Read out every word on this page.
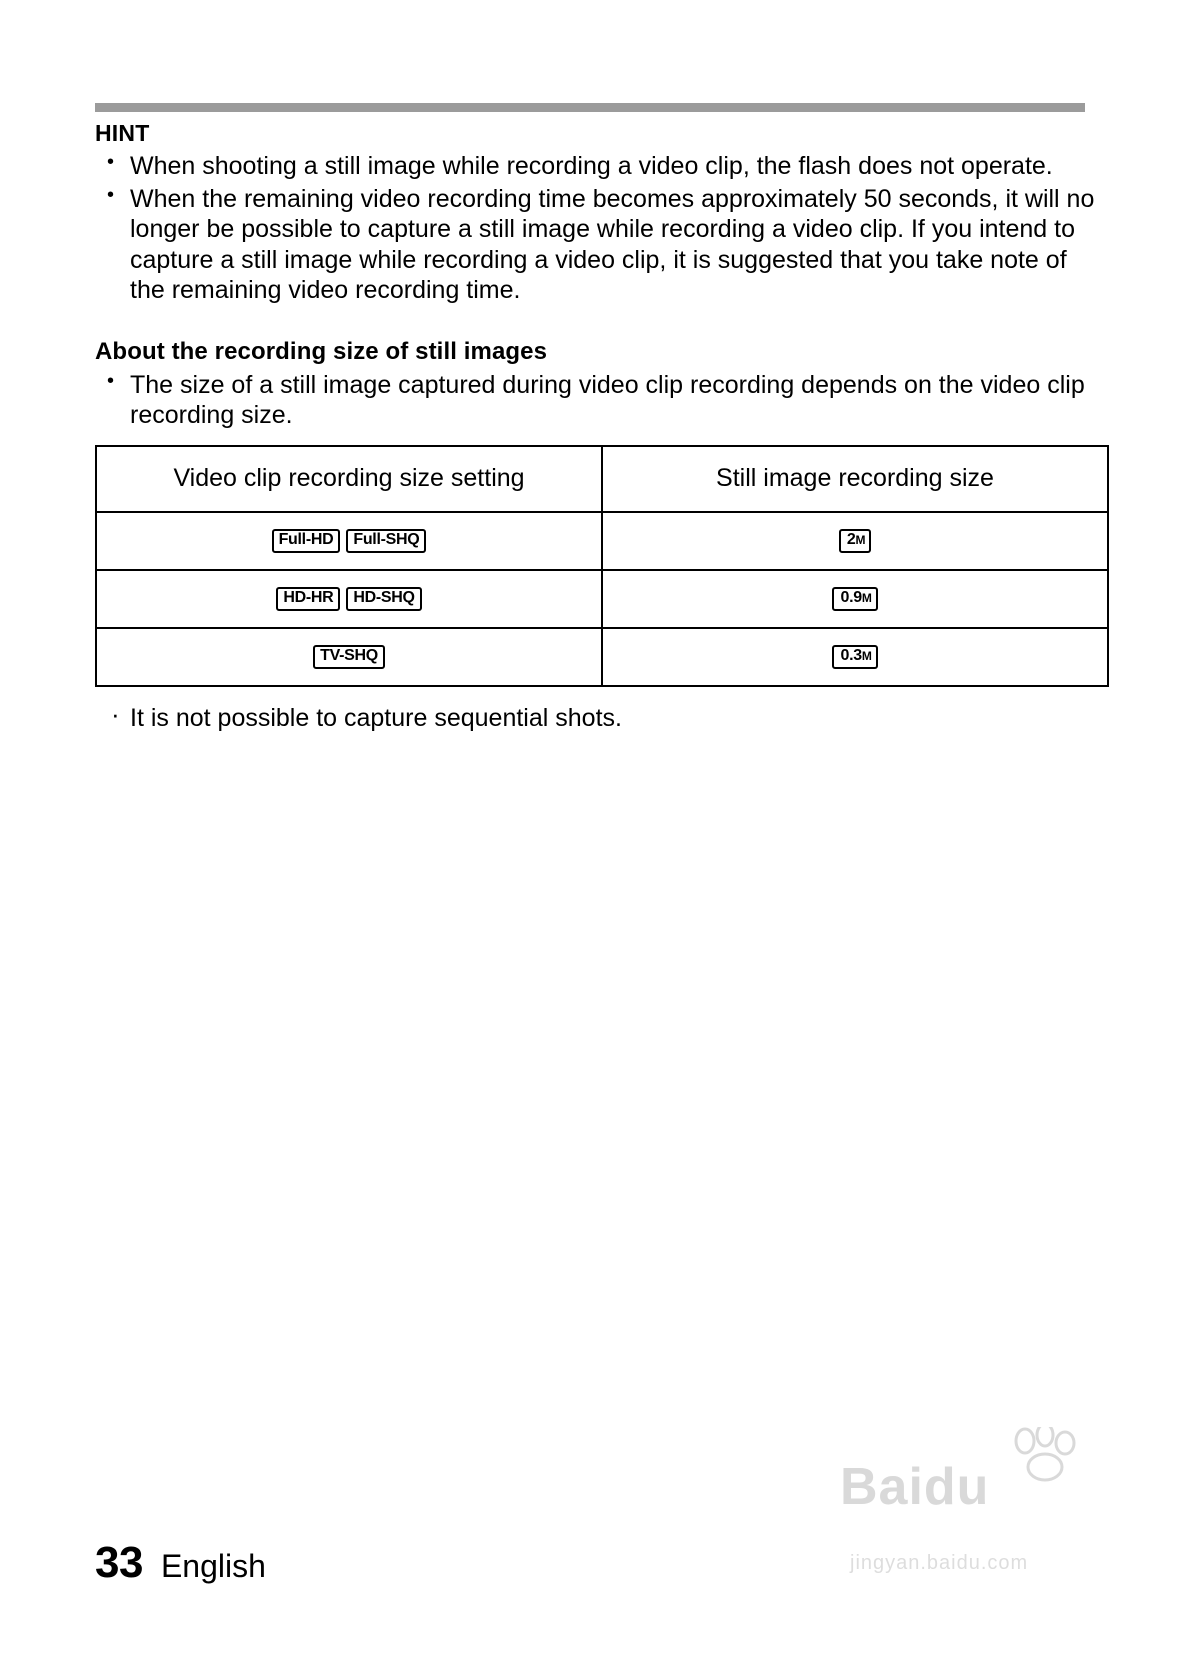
HINT
• When shooting a still image while recording a video clip, the flash does not operate.
• When the remaining video recording time becomes approximately 50 seconds, it will no longer be possible to capture a still image while recording a video clip. If you intend to capture a still image while recording a video clip, it is suggested that you take note of the remaining video recording time.
About the recording size of still images
• The size of a still image captured during video clip recording depends on the video clip recording size.
Video clip recording size setting	Still image recording size
Full-HD Full-SHQ	2M
HD-HR HD-SHQ	0.9M
TV-SHQ	0.3M
· It is not possible to capture sequential shots.
33 English
Baidu
jingyan.baidu.com
